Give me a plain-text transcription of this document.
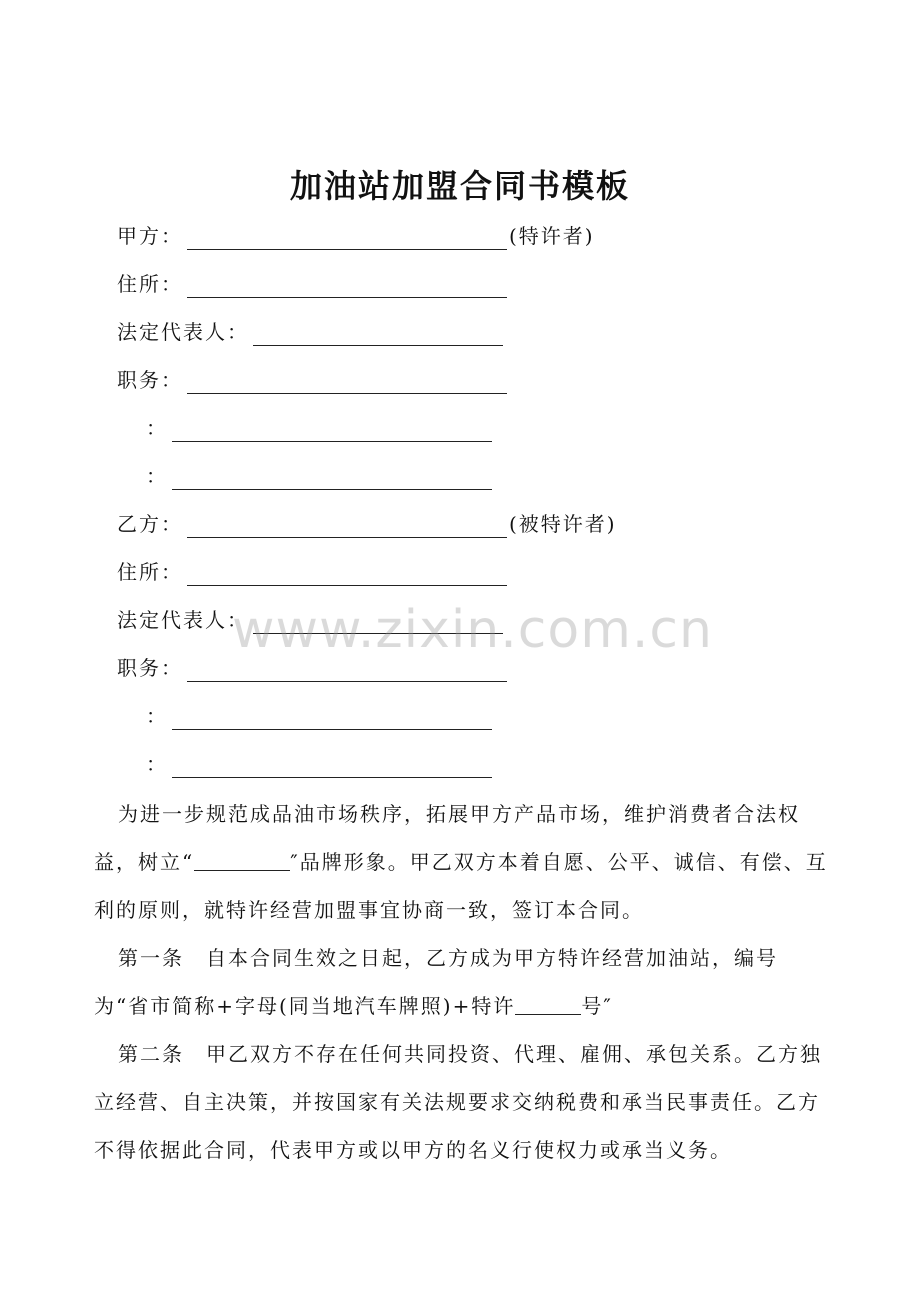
加油站加盟合同书模板
甲方：	(特许者)
住所：
法定代表人：
职务：
：
：
乙方：	(被特许者)
住所：
法定代表人：
职务：
：
：
www.zixin.com.cn

为进一步规范成品油市场秩序，拓展甲方产品市场，维护消费者合法权益，树立“	″品牌形象。甲乙双方本着自愿、公平、诚信、有偿、互利的原则，就特许经营加盟事宜协商一致，签订本合同。

第一条　自本合同生效之日起，乙方成为甲方特许经营加油站，编号为“省市简称+字母(同当地汽车牌照)+特许	号″

第二条　甲乙双方不存在任何共同投资、代理、雇佣、承包关系。乙方独立经营、自主决策，并按国家有关法规要求交纳税费和承当民事责任。乙方不得依据此合同，代表甲方或以甲方的名义行使权力或承当义务。
